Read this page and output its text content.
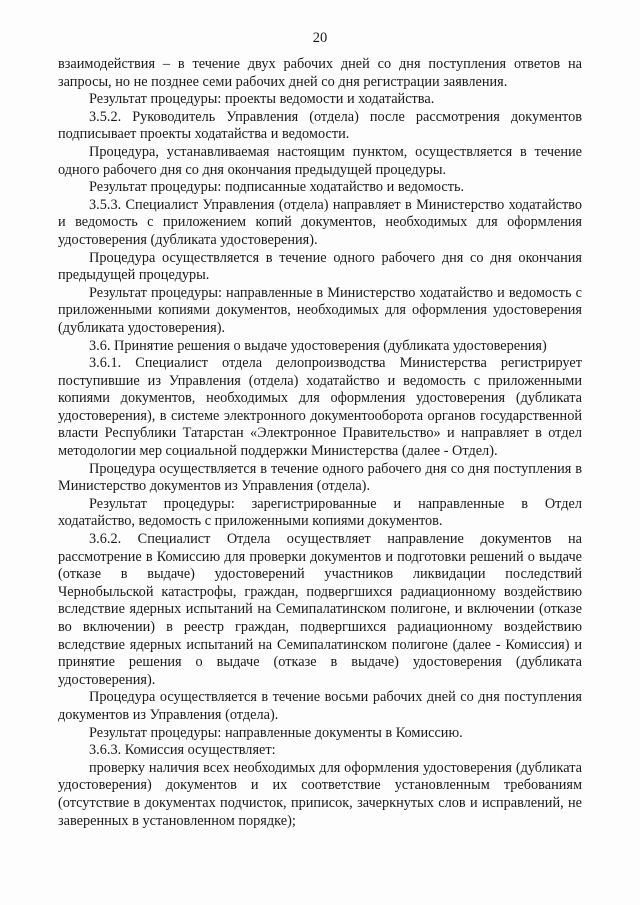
20

взаимодействия – в течение двух рабочих дней со дня поступления ответов на запросы, но не позднее семи рабочих дней со дня регистрации заявления.

Результат процедуры: проекты ведомости и ходатайства.

3.5.2. Руководитель Управления (отдела) после рассмотрения документов подписывает проекты ходатайства и ведомости.

Процедура, устанавливаемая настоящим пунктом, осуществляется в течение одного рабочего дня со дня окончания предыдущей процедуры.

Результат процедуры: подписанные ходатайство и ведомость.

3.5.3. Специалист Управления (отдела) направляет в Министерство ходатайство и ведомость с приложением копий документов, необходимых для оформления удостоверения (дубликата удостоверения).

Процедура осуществляется в течение одного рабочего дня со дня окончания предыдущей процедуры.

Результат процедуры: направленные в Министерство ходатайство и ведомость с приложенными копиями документов, необходимых для оформления удостоверения (дубликата удостоверения).

3.6. Принятие решения о выдаче удостоверения (дубликата удостоверения)

3.6.1. Специалист отдела делопроизводства Министерства регистрирует поступившие из Управления (отдела) ходатайство и ведомость с приложенными копиями документов, необходимых для оформления удостоверения (дубликата удостоверения), в системе электронного документооборота органов государственной власти Республики Татарстан «Электронное Правительство» и направляет в отдел методологии мер социальной поддержки Министерства (далее - Отдел).

Процедура осуществляется в течение одного рабочего дня со дня поступления в Министерство документов из Управления (отдела).

Результат процедуры: зарегистрированные и направленные в Отдел ходатайство, ведомость с приложенными копиями документов.

3.6.2. Специалист Отдела осуществляет направление документов на рассмотрение в Комиссию для проверки документов и подготовки решений о выдаче (отказе в выдаче) удостоверений участников ликвидации последствий Чернобыльской катастрофы, граждан, подвергшихся радиационному воздействию вследствие ядерных испытаний на Семипалатинском полигоне, и включении (отказе во включении) в реестр граждан, подвергшихся радиационному воздействию вследствие ядерных испытаний на Семипалатинском полигоне (далее - Комиссия) и принятие решения о выдаче (отказе в выдаче) удостоверения (дубликата удостоверения).

Процедура осуществляется в течение восьми рабочих дней со дня поступления документов из Управления (отдела).

Результат процедуры: направленные документы в Комиссию.

3.6.3. Комиссия осуществляет:

проверку наличия всех необходимых для оформления удостоверения (дубликата удостоверения) документов и их соответствие установленным требованиям (отсутствие в документах подчисток, приписок, зачеркнутых слов и исправлений, не заверенных в установленном порядке);
